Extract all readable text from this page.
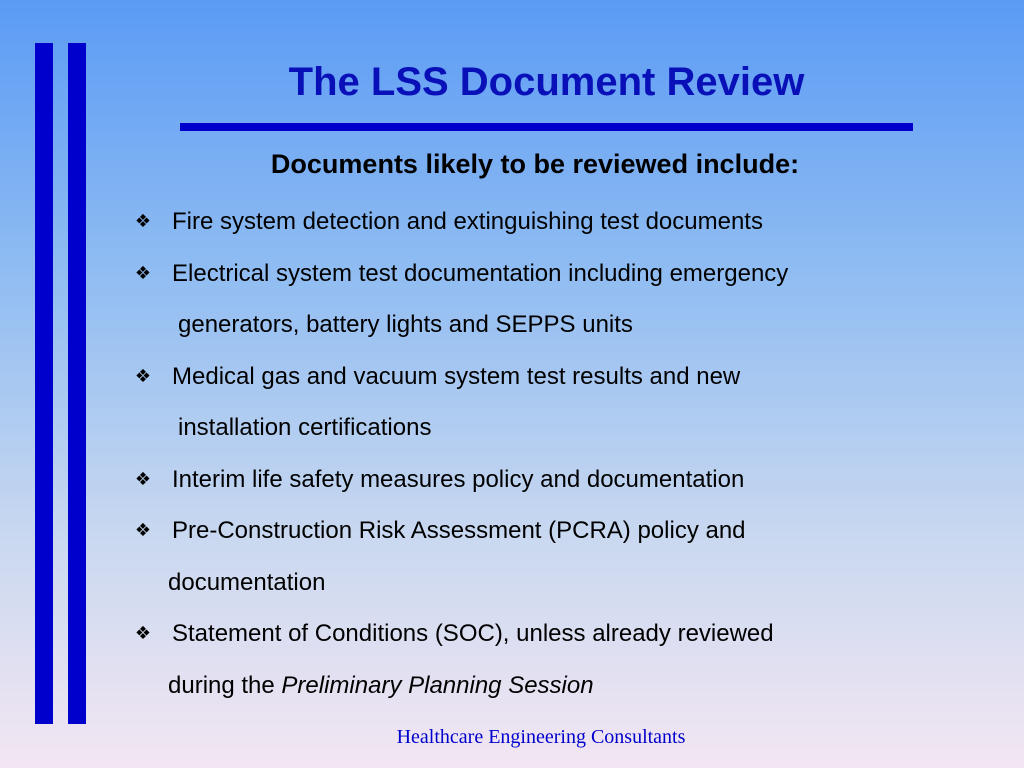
The LSS Document Review
Documents likely to be reviewed include:
❖ Fire system detection and extinguishing test documents
❖ Electrical system test documentation including emergency
generators, battery lights and SEPPS units
❖ Medical gas and vacuum system test results and new
installation certifications
❖ Interim life safety measures policy and documentation
❖ Pre-Construction Risk Assessment (PCRA) policy and
documentation
❖ Statement of Conditions (SOC), unless already reviewed
during the Preliminary Planning Session
Healthcare Engineering Consultants
